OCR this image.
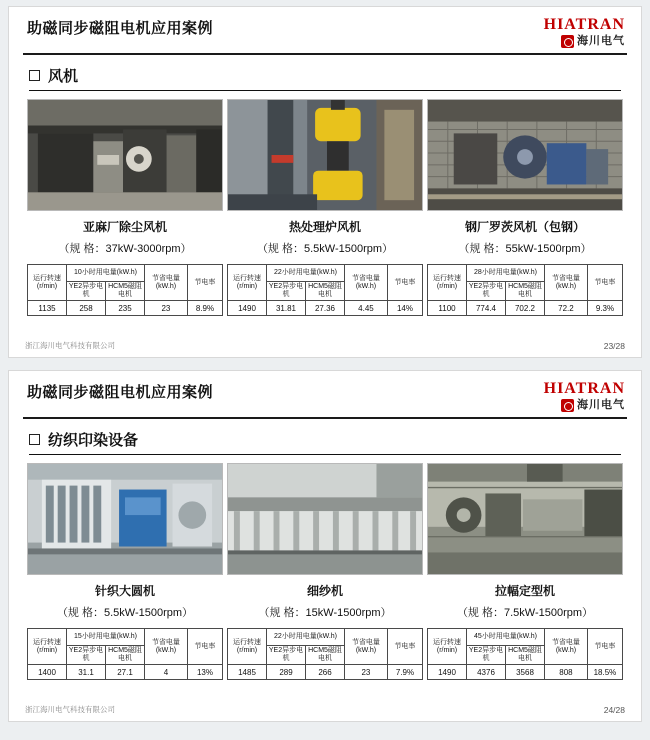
助磁同步磁阻电机应用案例	HIATRAN
海川电气
风机
亚麻厂除尘风机
（规 格：37kW-3000rpm）
运行转速 (r/min)	10小时用电量(kW.h)		节省电量(kW.h)	节电率
	YE2异步电机	HCM5磁阻电机		
1135	258	235	23	8.9%
热处理炉风机
（规 格：5.5kW-1500rpm）
运行转速 (r/min)	22小时用电量(kW.h)		节省电量(kW.h)	节电率
	YE2异步电机	HCM5磁阻电机		
1490	31.81	27.36	4.45	14%
钢厂罗茨风机（包钢）
（规 格：55kW-1500rpm）
运行转速 (r/min)	28小时用电量(kW.h)		节省电量(kW.h)	节电率
	YE2异步电机	HCM5磁阻电机		
1100	774.4	702.2	72.2	9.3%
浙江海川电气科技有限公司	23/28
助磁同步磁阻电机应用案例	HIATRAN
海川电气
纺织印染设备
针织大圆机
（规 格：5.5kW-1500rpm）
运行转速 (r/min)	15小时用电量(kW.h)		节省电量(kW.h)	节电率
	YE2异步电机	HCM5磁阻电机		
1400	31.1	27.1	4	13%
细纱机
（规 格：15kW-1500rpm）
运行转速 (r/min)	22小时用电量(kW.h)		节省电量(kW.h)	节电率
	YE2异步电机	HCM5磁阻电机		
1485	289	266	23	7.9%
拉幅定型机
（规 格：7.5kW-1500rpm）
运行转速 (r/min)	45小时用电量(kW.h)		节省电量(kW.h)	节电率
	YE2异步电机	HCM5磁阻电机		
1490	4376	3568	808	18.5%
浙江海川电气科技有限公司	24/28
